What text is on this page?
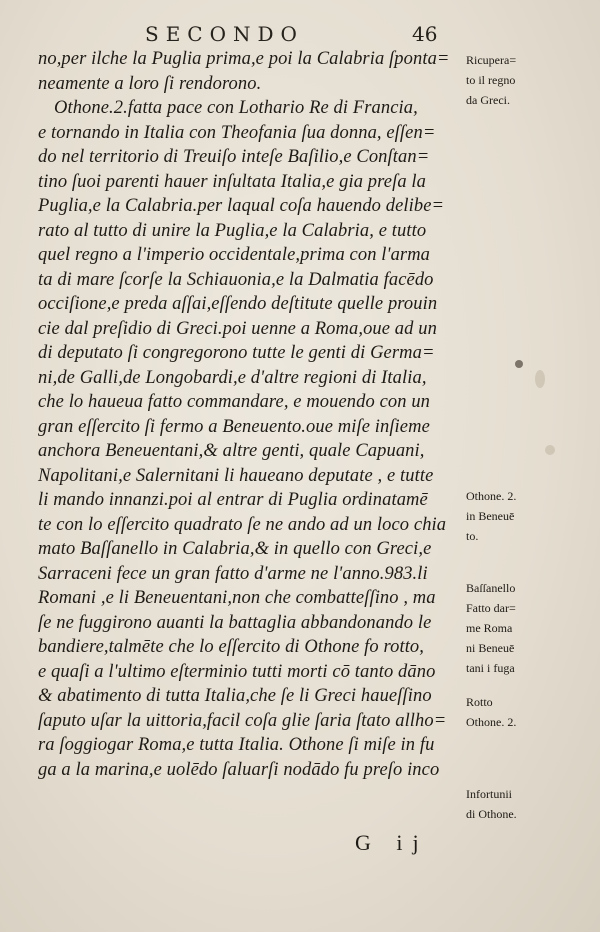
SECONDO	46
no,per ilche la Puglia prima,e poi la Calabria ſponta=
neamente a loro ſi rendorono.
Othone.2.fatta pace con Lothario Re di Francia,
e tornando in Italia con Theofania ſua donna, eſſen=
do nel territorio di Treuiſo inteſe Baſilio,e Conſtan=
tino ſuoi parenti hauer inſultata Italia,e gia preſa la
Puglia,e la Calabria.per laqual coſa hauendo delibe=
rato al tutto di unire la Puglia,e la Calabria, e tutto
quel regno a l'imperio occidentale,prima con l'arma
ta di mare ſcorſe la Schiauonia,e la Dalmatia facēdo
occiſione,e preda aſſai,eſſendo deſtitute quelle prouin
cie dal preſidio di Greci.poi uenne a Roma,oue ad un
di deputato ſi congregorono tutte le genti di Germa=
ni,de Galli,de Longobardi,e d'altre regioni di Italia,
che lo haueua fatto commandare, e mouendo con un
gran eſſercito ſi fermo a Beneuento.oue miſe inſieme
anchora Beneuentani,& altre genti, quale Capuani,
Napolitani,e Salernitani li haueano deputate , e tutte
li mando innanzi.poi al entrar di Puglia ordinatamē
te con lo eſſercito quadrato ſe ne ando ad un loco chia
mato Baſſanello in Calabria,& in quello con Greci,e
Sarraceni fece un gran fatto d'arme ne l'anno.983.li
Romani ,e li Beneuentani,non che combatteſſino , ma
ſe ne fuggirono auanti la battaglia abbandonando le
bandiere,talmēte che lo eſſercito di Othone fo rotto,
e quaſi a l'ultimo eſterminio tutti morti cō tanto dāno
& abatimento di tutta Italia,che ſe li Greci haueſſino
ſaputo uſar la uittoria,facil coſa glie ſaria ſtato allho=
ra ſoggiogar Roma,e tutta Italia. Othone ſi miſe in fu
ga a la marina,e uolēdo ſaluarſi nodādo fu preſo inco
Ricupera=
to il regno
da Greci.
Othone. 2.
in Beneuē
to.
Baſſanello
Fatto dar=
me Roma
ni Beneuē
tani i fuga
Rotto
Othone. 2.
Infortunii
di Othone.
G ij
